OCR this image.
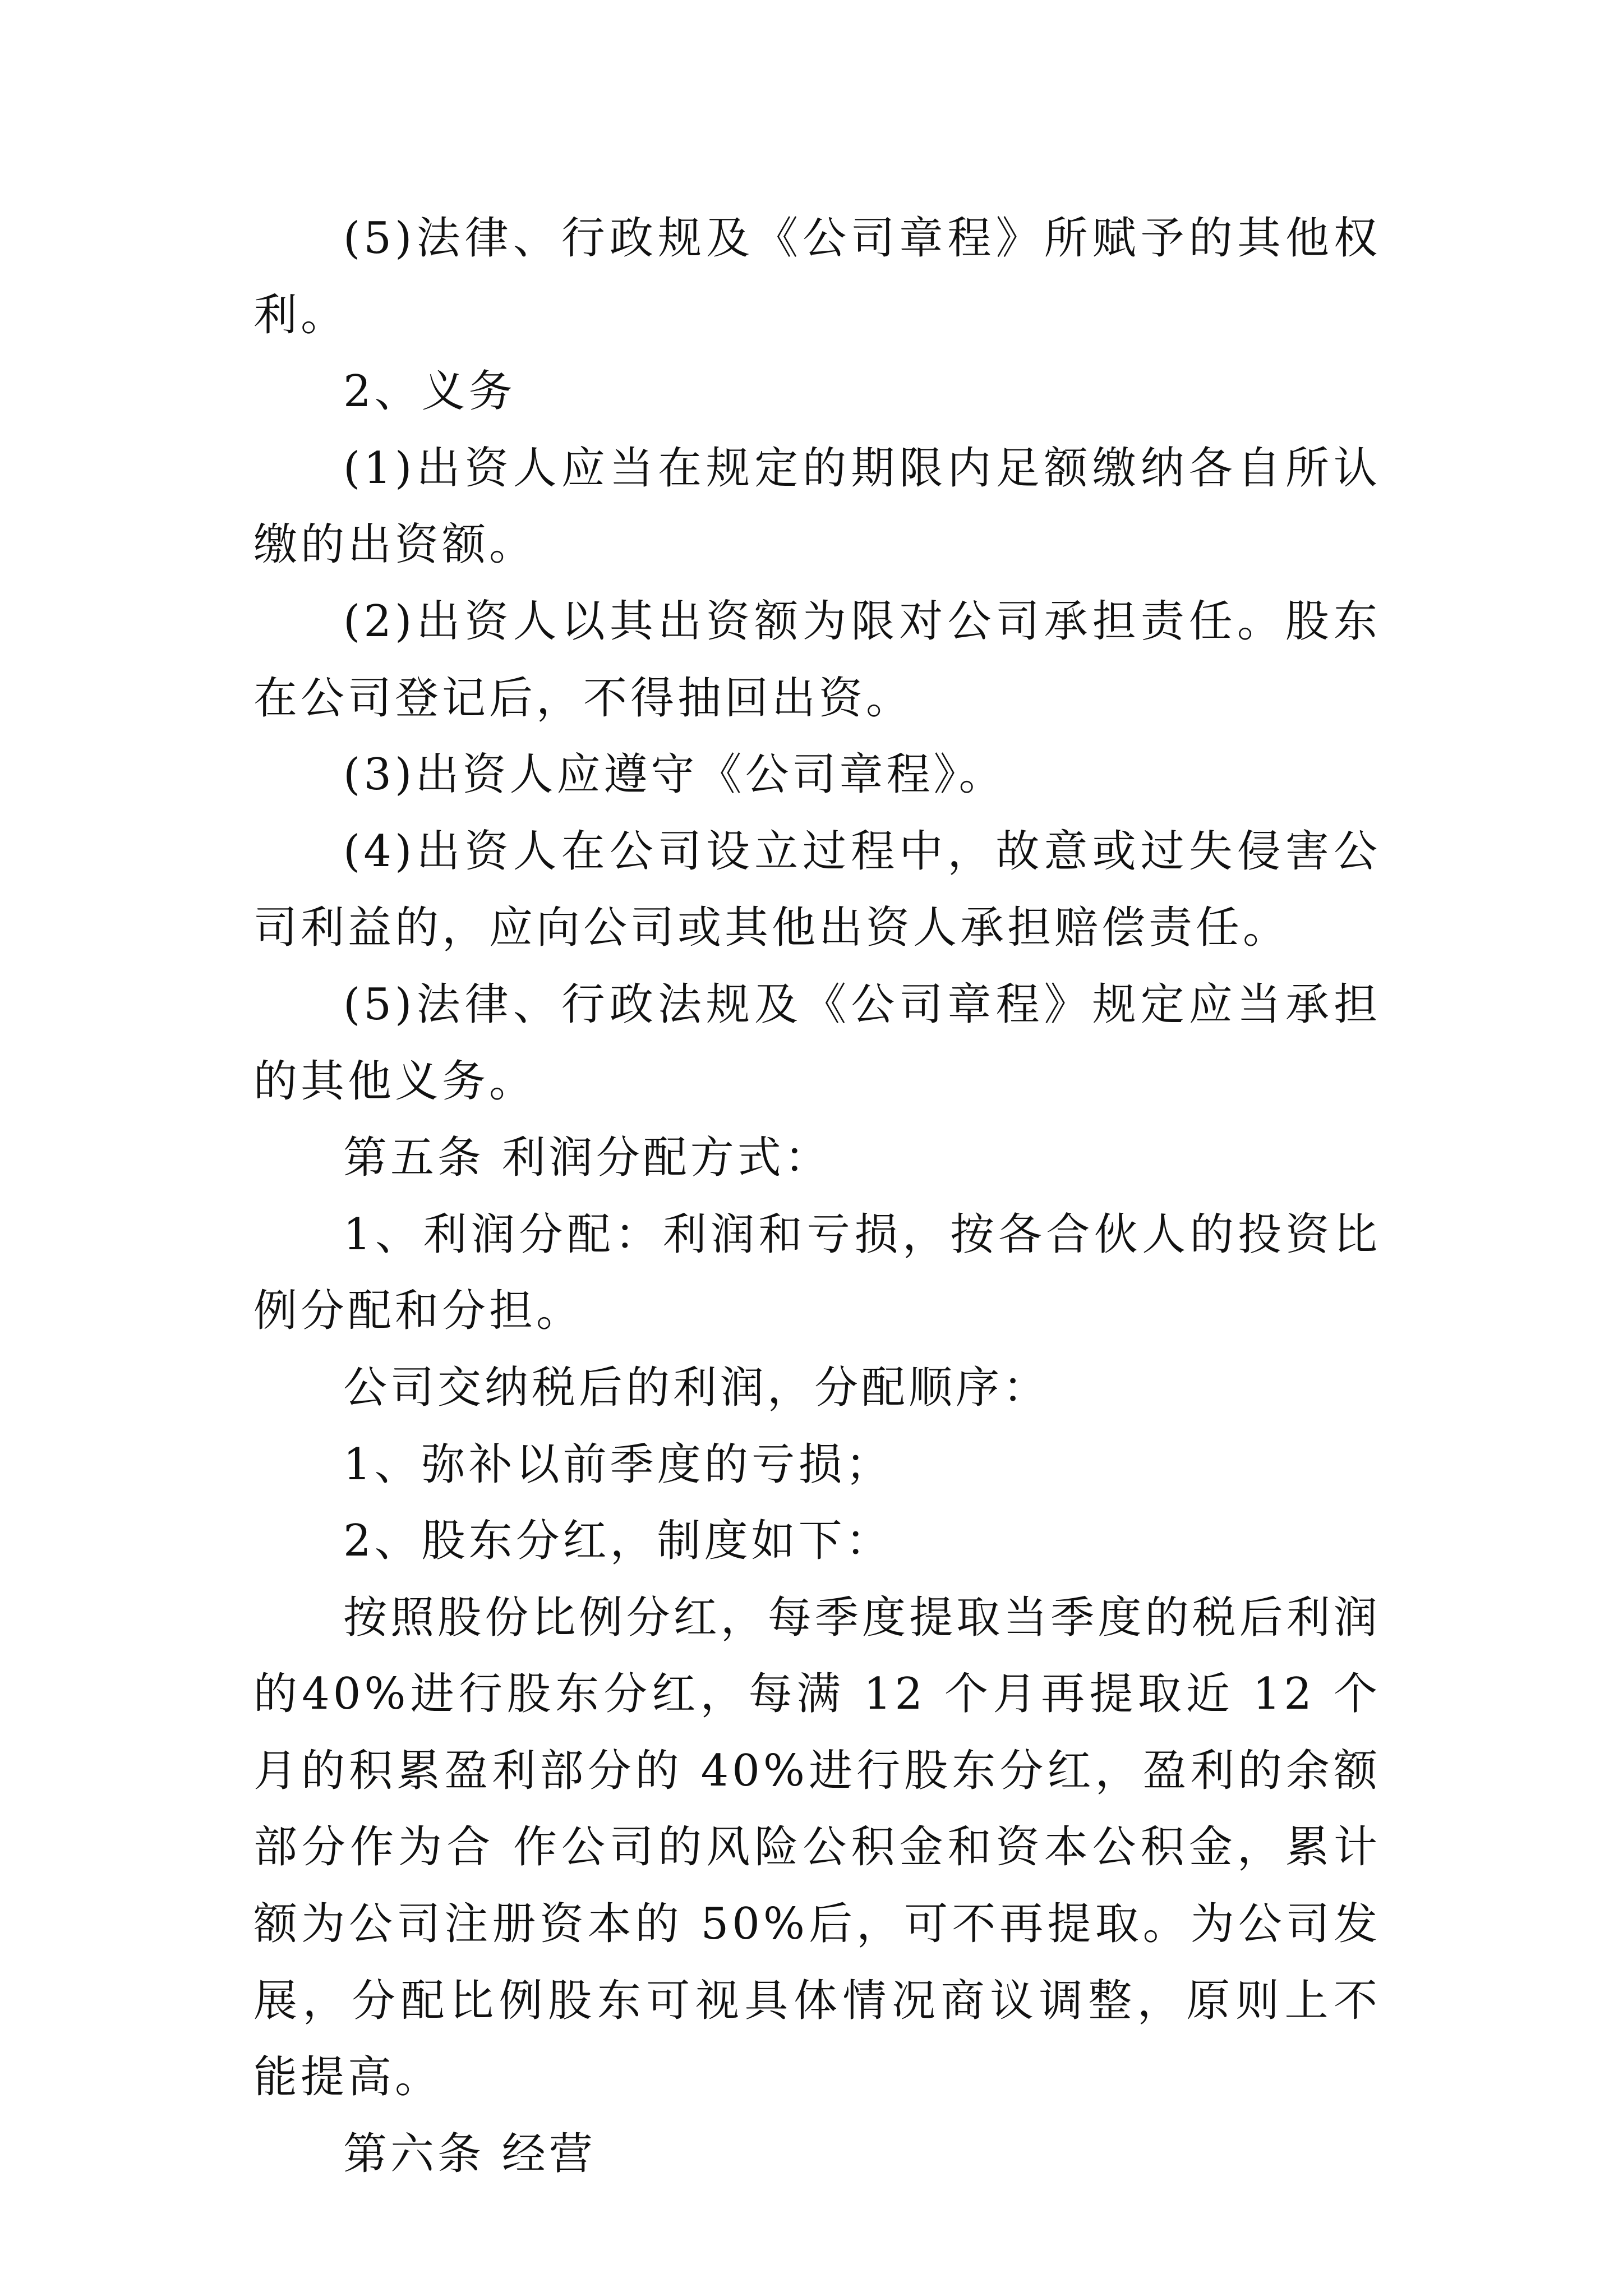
(5)法律、行政规及《公司章程》所赋予的其他权利。

2、义务

(1)出资人应当在规定的期限内足额缴纳各自所认缴的出资额。

(2)出资人以其出资额为限对公司承担责任。股东在公司登记后，不得抽回出资。

(3)出资人应遵守《公司章程》。

(4)出资人在公司设立过程中，故意或过失侵害公司利益的，应向公司或其他出资人承担赔偿责任。

(5)法律、行政法规及《公司章程》规定应当承担的其他义务。

第五条 利润分配方式：

1、利润分配：利润和亏损，按各合伙人的投资比例分配和分担。

公司交纳税后的利润，分配顺序：

1、弥补以前季度的亏损；

2、股东分红，制度如下：

按照股份比例分红，每季度提取当季度的税后利润的40%进行股东分红，每满 12 个月再提取近 12 个月的积累盈利部分的 40%进行股东分红，盈利的余额部分作为合 作公司的风险公积金和资本公积金，累计额为公司注册资本的 50%后，可不再提取。为公司发展，分配比例股东可视具体情况商议调整，原则上不能提高。

第六条 经营
